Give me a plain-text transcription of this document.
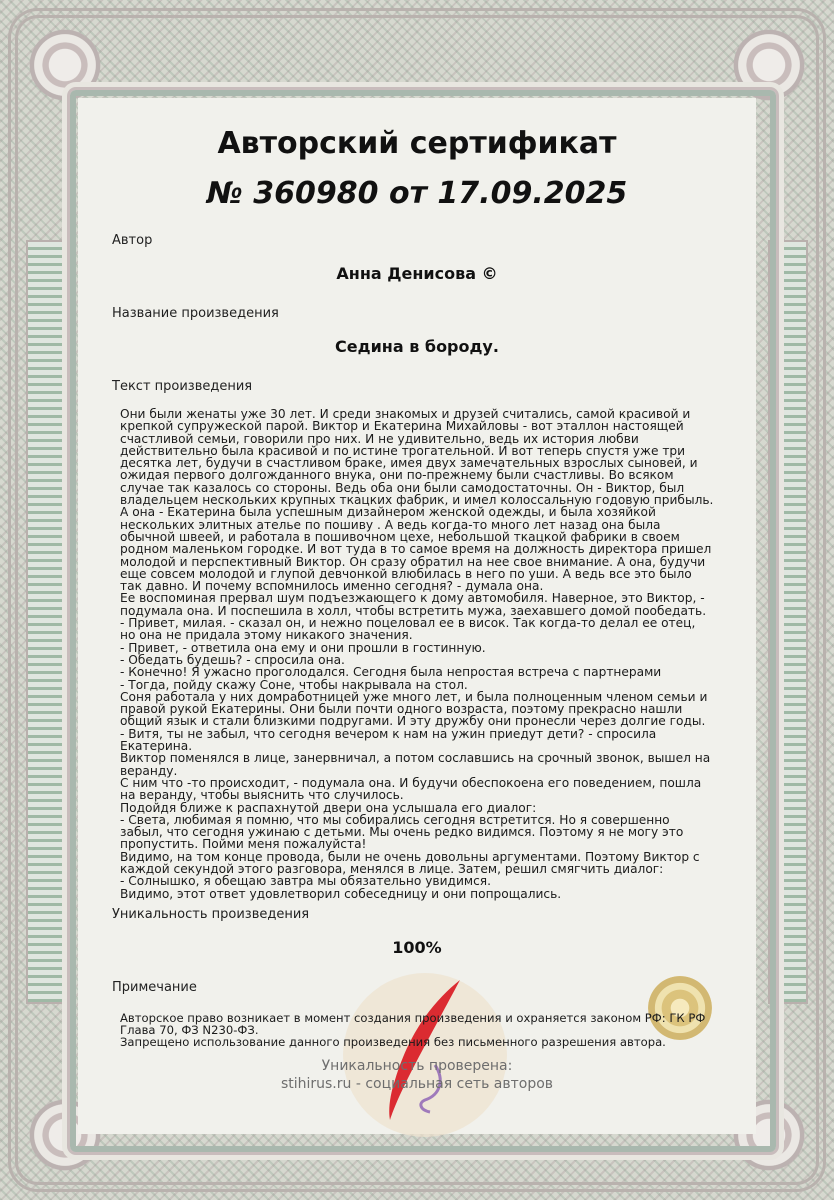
Авторский сертификат
№ 360980 от 17.09.2025
Автор
Анна Денисова ©
Название произведения
Седина в бороду.
Текст произведения

Они были женаты уже 30 лет. И среди знакомых и друзей считались, самой красивой и крепкой супружеской парой. Виктор и Екатерина Михайловы - вот эталлон настоящей счастливой семьи, говорили про них. И не удивительно, ведь их история любви действительно была красивой и по истине трогательной. И вот теперь спустя уже три десятка лет, будучи в счастливом браке, имея двух замечательных взрослых сыновей, и ожидая первого долгожданного внука, они по-прежнему были счастливы. Во всяком случае так казалось со стороны. Ведь оба они были самодостаточны. Он - Виктор, был владельцем нескольких крупных ткацких фабрик, и имел колоссальную годовую прибыль. А она - Екатерина была успешным дизайнером женской одежды, и была хозяйкой нескольких элитных ателье по пошиву . А ведь когда-то много лет назад она была обычной швеей, и работала в пошивочном цехе, небольшой ткацкой фабрики в своем родном маленьком городке. И вот туда в то самое время на должность директора пришел молодой и перспективный Виктор. Он сразу обратил на нее свое внимание. А она, будучи еще совсем молодой и глупой девчонкой влюбилась в него по уши. А ведь все это было так давно. И почему вспомнилось именно сегодня? - думала она.

Ее воспоминая прервал шум подъезжающего к дому автомобиля. Наверное, это Виктор, - подумала она. И поспешила в холл, чтобы встретить мужа, заехавшего домой пообедать.

- Привет, милая. - сказал он, и нежно поцеловал ее в висок. Так когда-то делал ее отец, но она не придала этому никакого значения.

- Привет, - ответила она ему и они прошли в гостинную.

- Обедать будешь? - спросила она.

- Конечно! Я ужасно проголодался. Сегодня была непростая встреча с партнерами

- Тогда, пойду скажу Соне, чтобы накрывала на стол.

Соня работала у них домработницей уже много лет, и была полноценным членом семьи и правой рукой Екатерины. Они были почти одного возраста, поэтому прекрасно нашли общий язык и стали близкими подругами. И эту дружбу они пронесли через долгие годы.

- Витя, ты не забыл, что сегодня вечером к нам на ужин приедут дети? - спросила Екатерина.

Виктор поменялся в лице, занервничал, а потом сославшись на срочный звонок, вышел на веранду.

С ним что -то происходит, - подумала она. И будучи обеспокоена его поведением, пошла на веранду, чтобы выяснить что случилось.

Подойдя ближе к распахнутой двери она услышала его диалог:

- Света, любимая я помню, что мы собирались сегодня встретится. Но я совершенно забыл, что сегодня ужинаю с детьми. Мы очень редко видимся. Поэтому я не могу это пропустить. Пойми меня пожалуйста!

Видимо, на том конце провода, были не очень довольны аргументами. Поэтому Виктор с каждой секундой этого разговора, менялся в лице. Затем, решил смягчить диалог:

- Солнышко, я обещаю завтра мы обязательно увидимся.

Видимо, этот ответ удовлетворил собеседницу и они попрощались.

Уникальность произведения
100%
Примечание

Авторское право возникает в момент создания произведения и охраняется законом РФ: ГК РФ Глава 70, ФЗ N230-ФЗ.

Запрещено использование данного произведения без письменного разрешения автора.

Уникальность проверена:
stihirus.ru - социальная сеть авторов
